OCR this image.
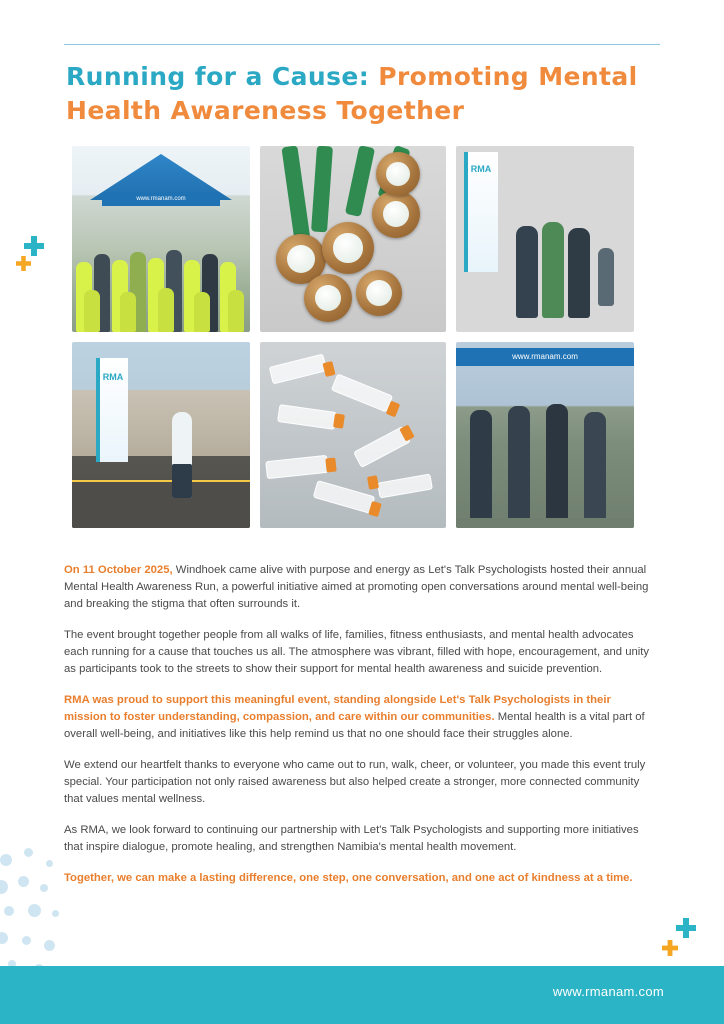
Running for a Cause: Promoting Mental Health Awareness Together
www.rmanam.com
RMA
RMA
www.rmanam.com

On 11 October 2025, Windhoek came alive with purpose and energy as Let's Talk Psychologists hosted their annual Mental Health Awareness Run, a powerful initiative aimed at promoting open conversations around mental well-being and breaking the stigma that often surrounds it.

The event brought together people from all walks of life, families, fitness enthusiasts, and mental health advocates each running for a cause that touches us all. The atmosphere was vibrant, filled with hope, encouragement, and unity as participants took to the streets to show their support for mental health awareness and suicide prevention.

RMA was proud to support this meaningful event, standing alongside Let's Talk Psychologists in their mission to foster understanding, compassion, and care within our communities. Mental health is a vital part of overall well-being, and initiatives like this help remind us that no one should face their struggles alone.

We extend our heartfelt thanks to everyone who came out to run, walk, cheer, or volunteer, you made this event truly special. Your participation not only raised awareness but also helped create a stronger, more connected community that values mental wellness.

As RMA, we look forward to continuing our partnership with Let's Talk Psychologists and supporting more initiatives that inspire dialogue, promote healing, and strengthen Namibia's mental health movement.

Together, we can make a lasting difference, one step, one conversation, and one act of kindness at a time.

www.rmanam.com
